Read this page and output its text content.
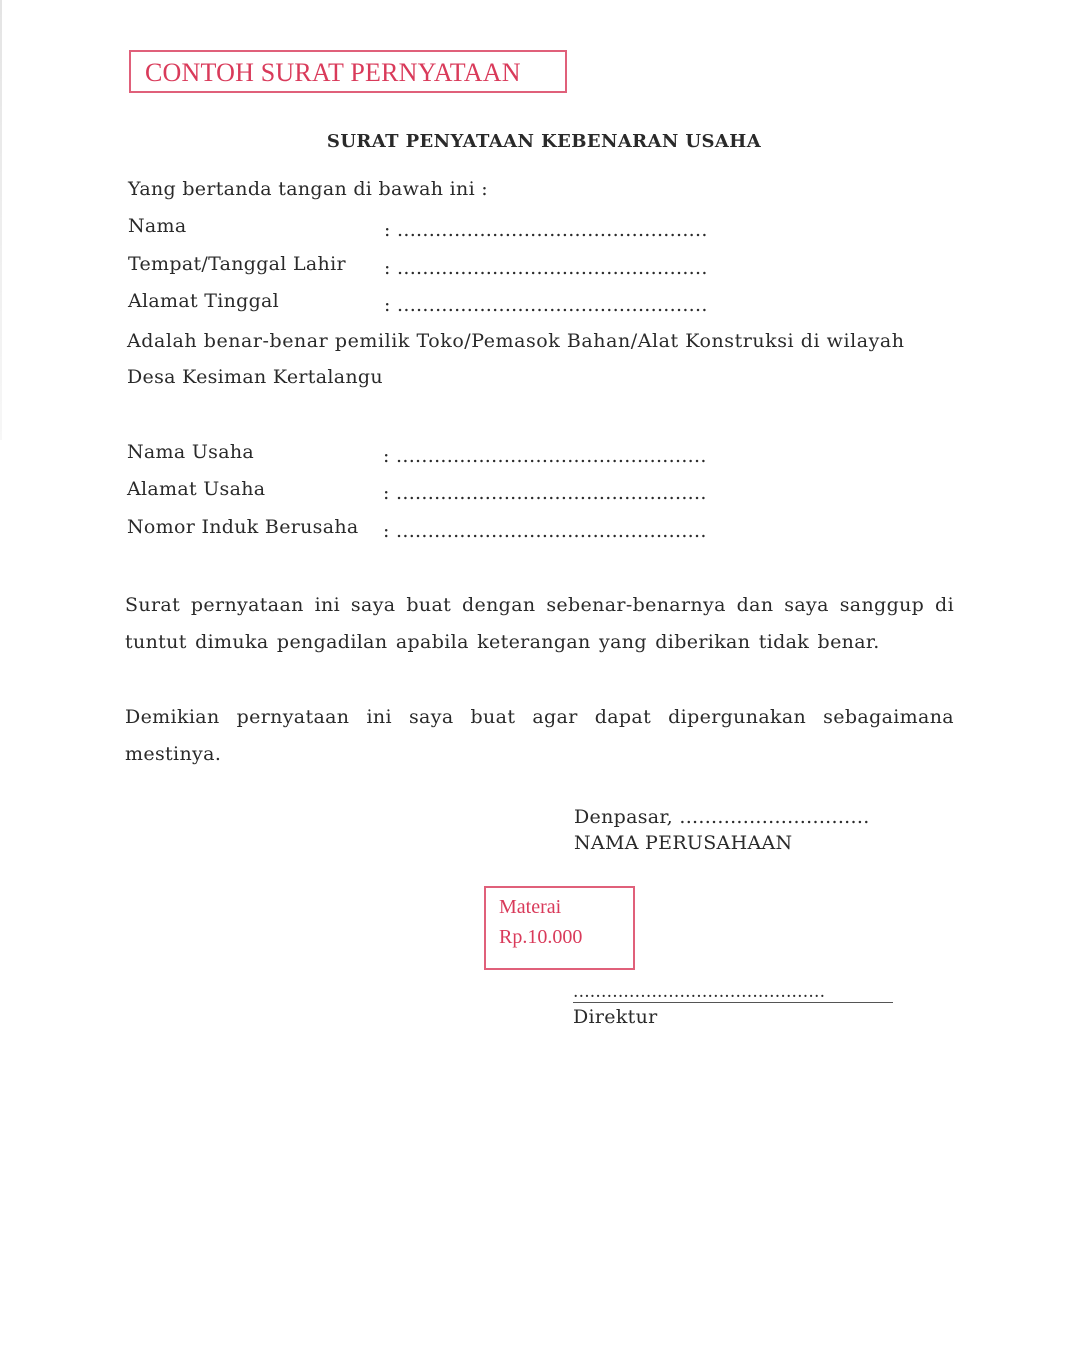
CONTOH SURAT PERNYATAAN
SURAT PENYATAAN KEBENARAN USAHA
Yang bertanda tangan di bawah ini :
Nama	: .................................................
Tempat/Tanggal Lahir : .................................................
Alamat Tinggal	: .................................................
Adalah benar-benar pemilik Toko/Pemasok Bahan/Alat Konstruksi di wilayah
Desa Kesiman Kertalangu
Nama Usaha	: .................................................
Alamat Usaha	: .................................................
Nomor Induk Berusaha : .................................................
Surat pernyataan ini saya buat dengan sebenar-benarnya dan saya sanggup di tuntut dimuka pengadilan apabila keterangan yang diberikan tidak benar.
Demikian pernyataan ini saya buat agar dapat dipergunakan sebagaimana mestinya.
Denpasar, ..............................
NAMA PERUSAHAAN
Materai
Rp.10.000
.............................................
Direktur
